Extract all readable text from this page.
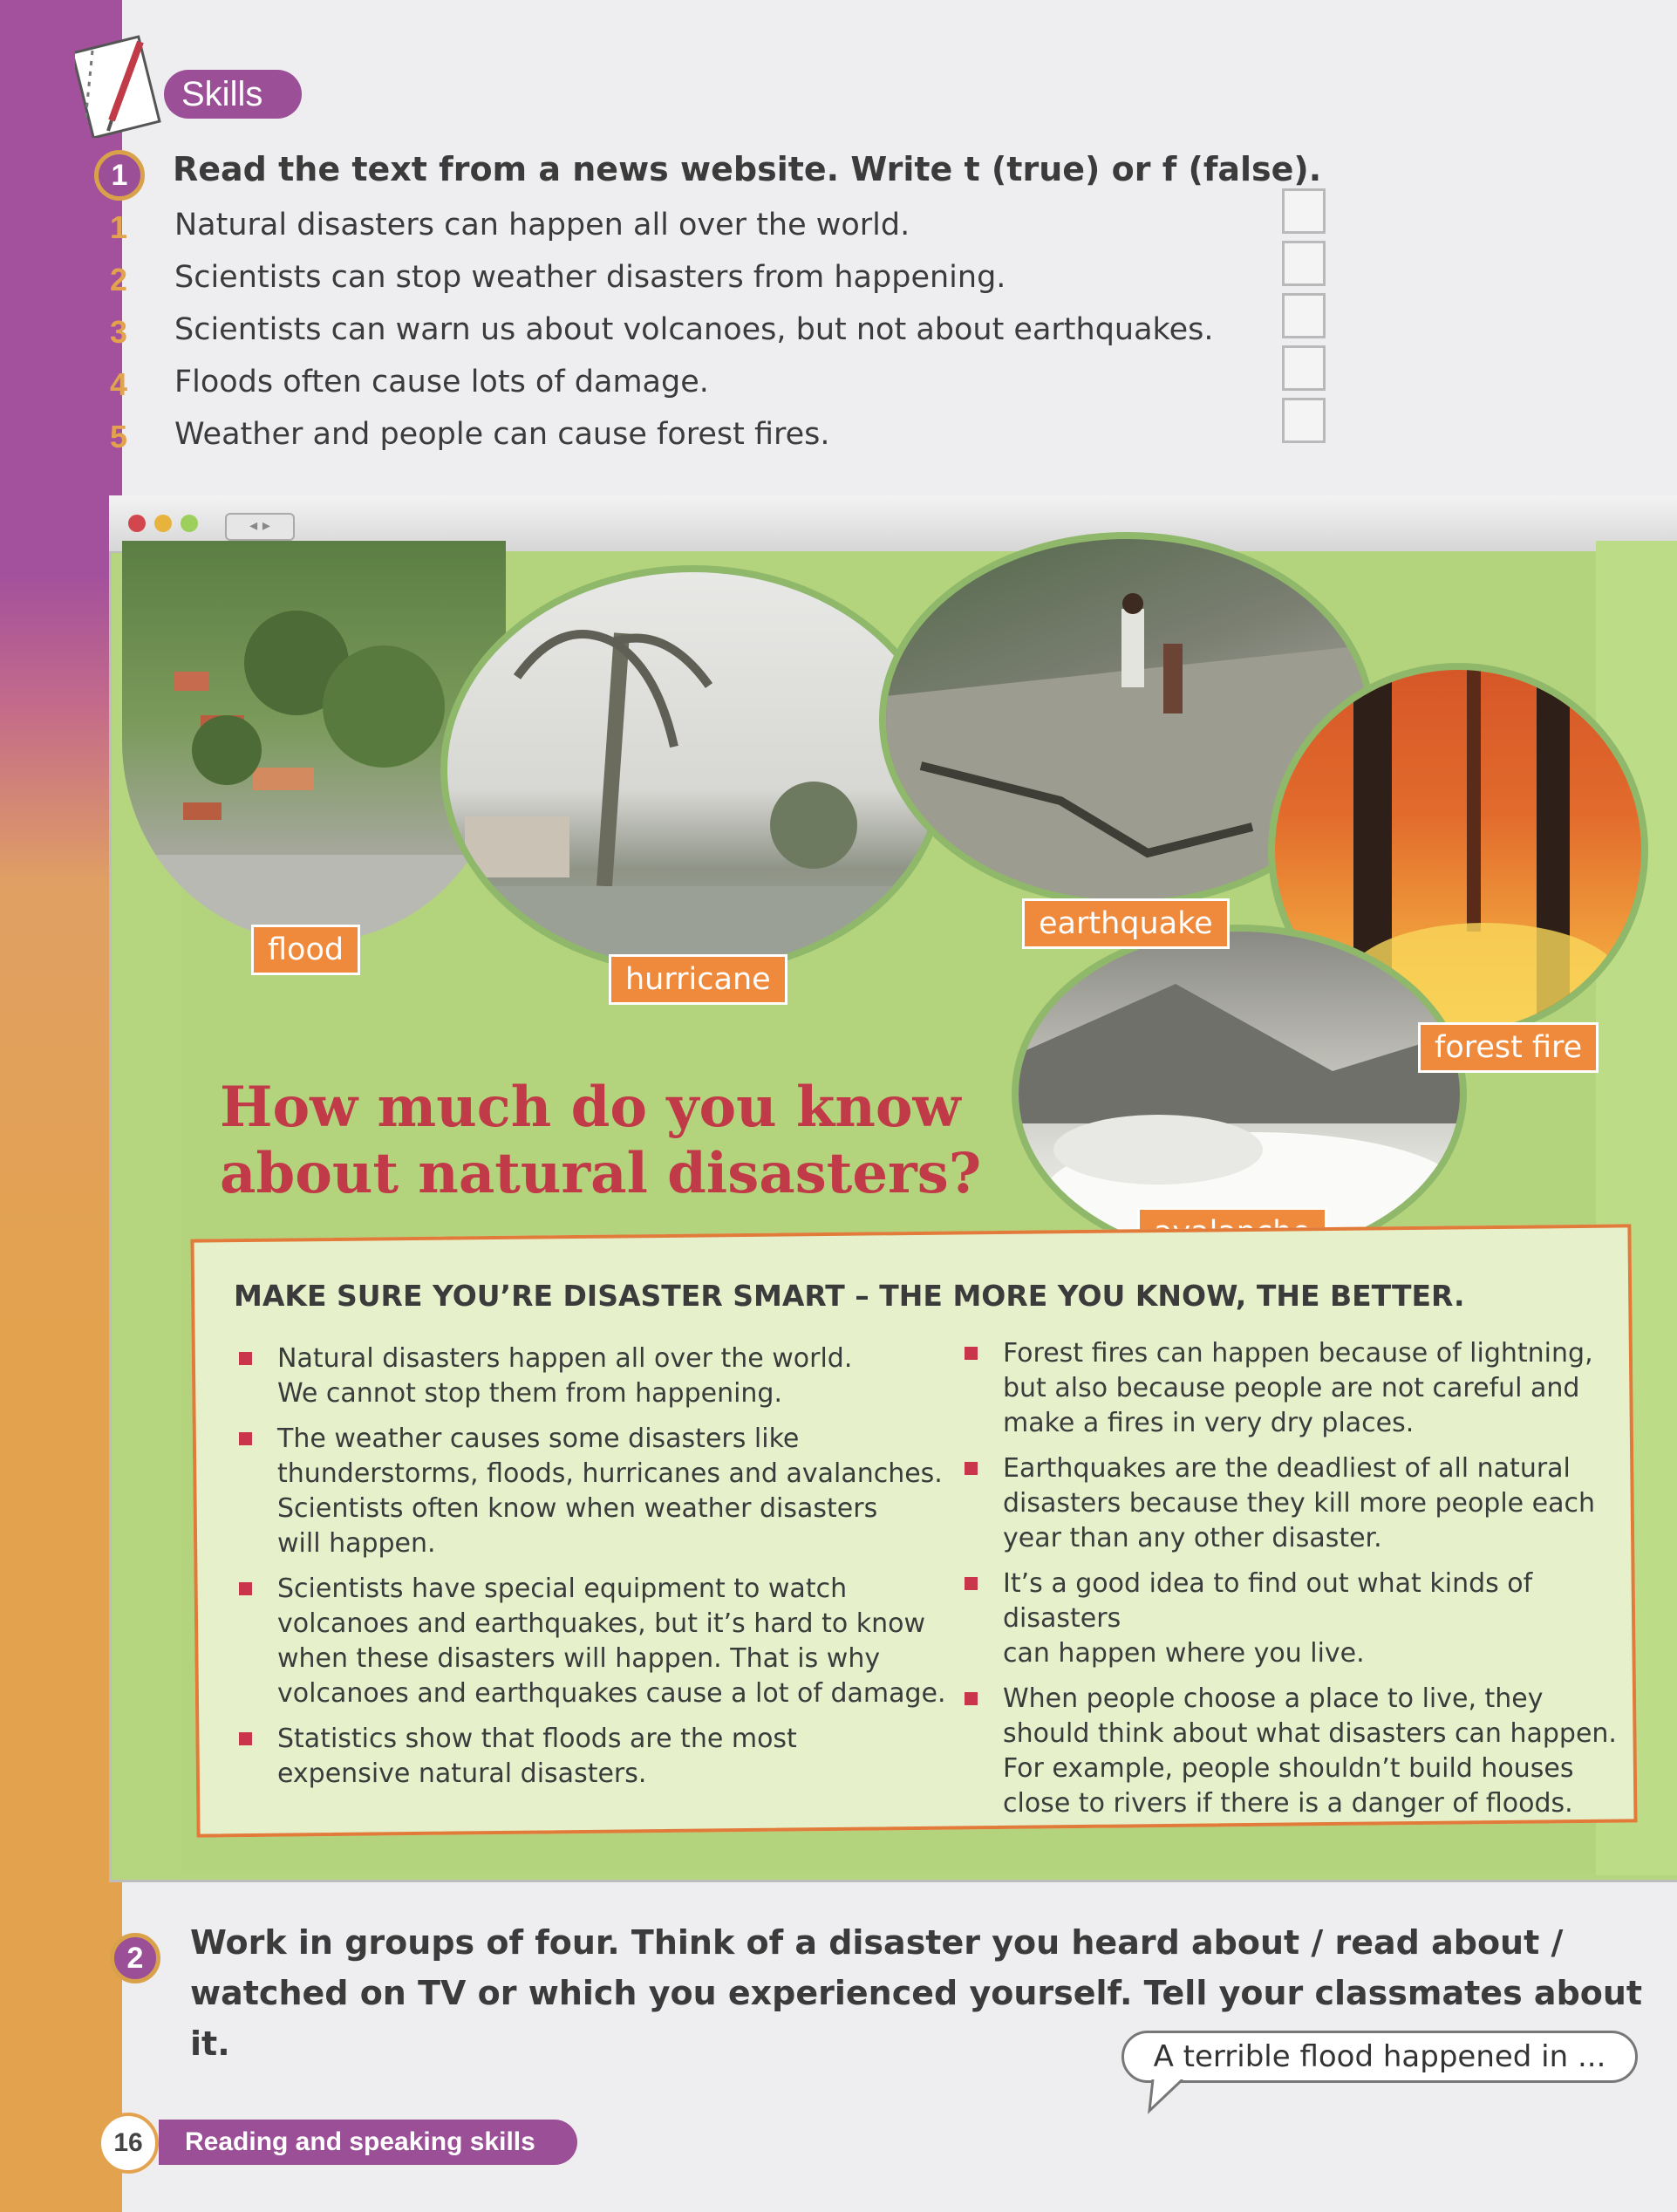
Skills
1	Read the text from a news website. Write t (true) or f (false).
1 Natural disasters can happen all over the world.
2 Scientists can stop weather disasters from happening.
3 Scientists can warn us about volcanoes, but not about earthquakes.
4 Floods often cause lots of damage.
5 Weather and people can cause forest fires.
◂ ▸
flood
hurricane
earthquake
forest fire
How much do you know
about natural disasters?
MAKE SURE YOU’RE DISASTER SMART – THE MORE YOU KNOW, THE BETTER.
Natural disasters happen all over the world.
We cannot stop them from happening.
The weather causes some disasters like
thunderstorms, floods, hurricanes and avalanches.
Scientists often know when weather disasters
will happen.
Scientists have special equipment to watch
volcanoes and earthquakes, but it’s hard to know
when these disasters will happen. That is why
volcanoes and earthquakes cause a lot of damage.
Statistics show that floods are the most
expensive natural disasters.
Forest fires can happen because of lightning,
but also because people are not careful and
make a fires in very dry places.
Earthquakes are the deadliest of all natural
disasters because they kill more people each
year than any other disaster.
It’s a good idea to find out what kinds of disasters
can happen where you live.
When people choose a place to live, they
should think about what disasters can happen.
For example, people shouldn’t build houses
close to rivers if there is a danger of floods.
2	Work in groups of four. Think of a disaster you heard about / read about / watched on TV or which you experienced yourself. Tell your classmates about it.	A terrible flood happened in ...
Reading and speaking skills
16
